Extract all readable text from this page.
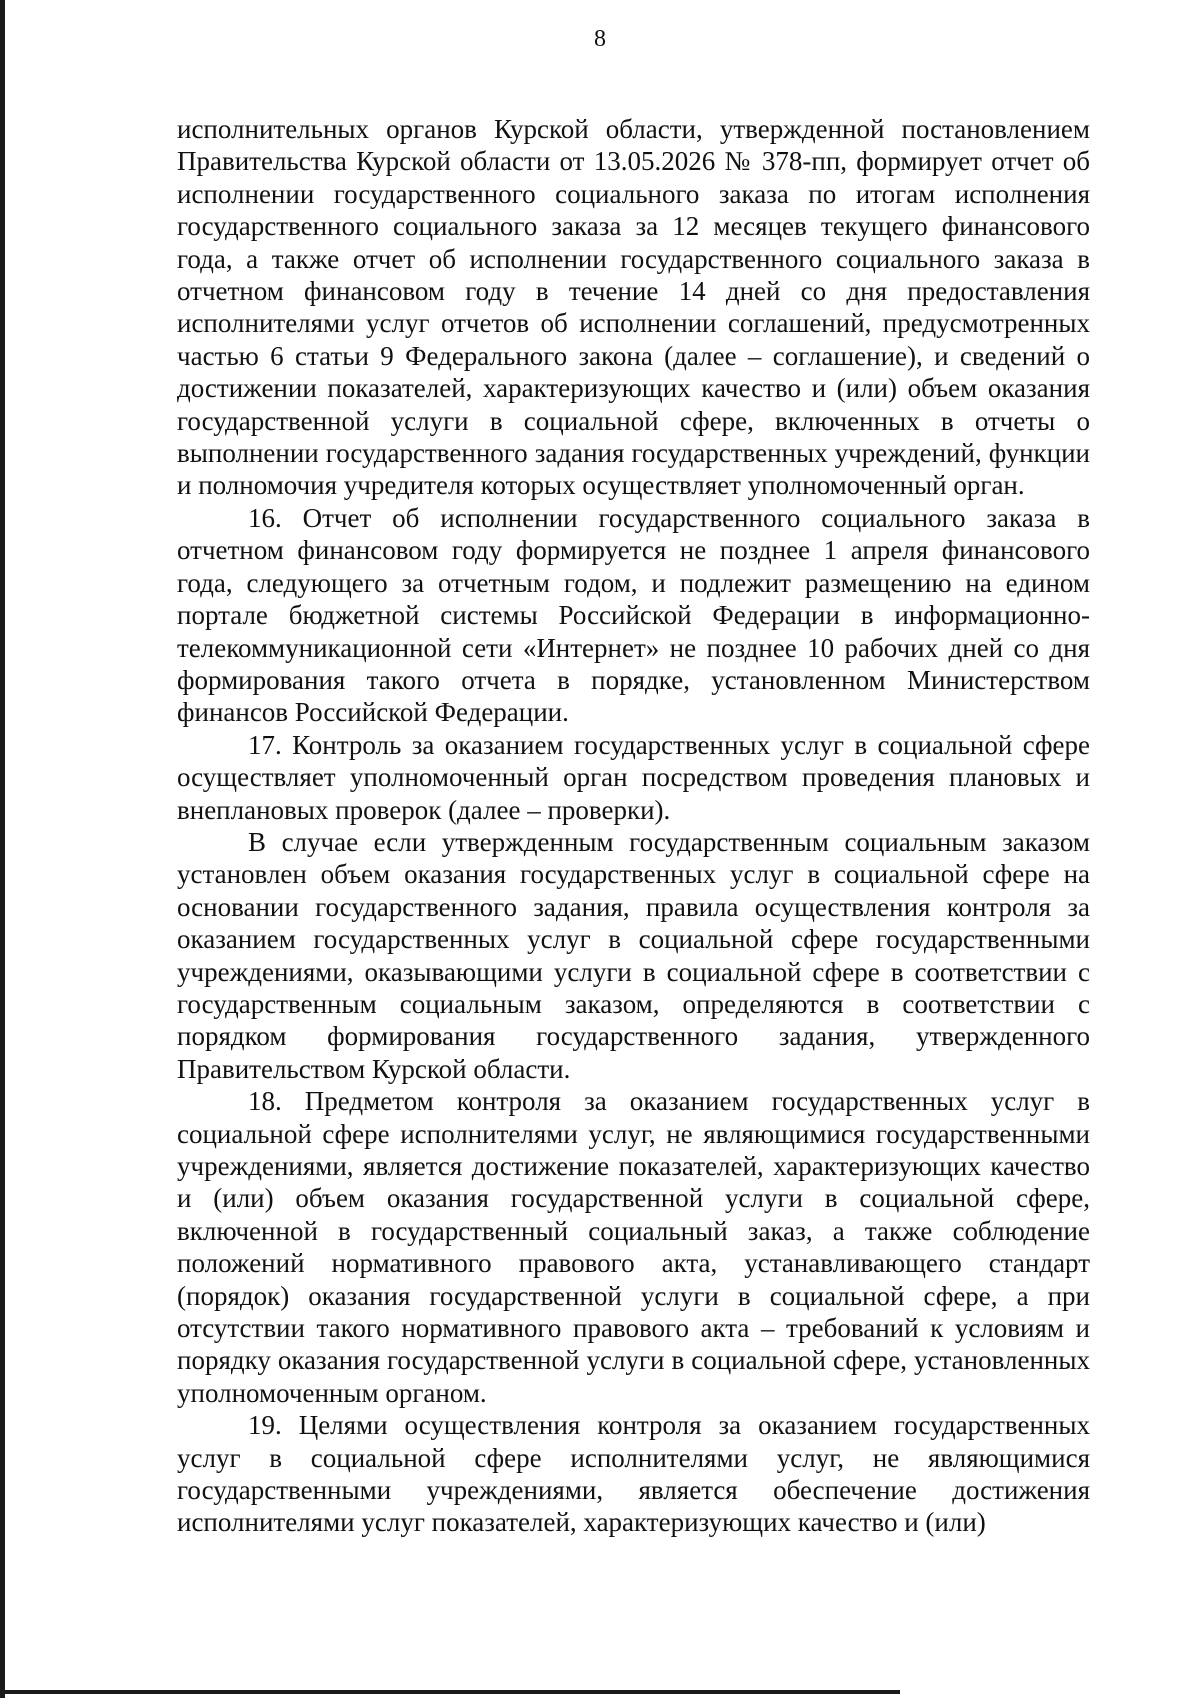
8

исполнительных органов Курской области, утвержденной постановлением Правительства Курской области от 13.05.2026 № 378-пп, формирует отчет об исполнении государственного социального заказа по итогам исполнения государственного социального заказа за 12 месяцев текущего финансового года, а также отчет об исполнении государственного социального заказа в отчетном финансовом году в течение 14 дней со дня предоставления исполнителями услуг отчетов об исполнении соглашений, предусмотренных частью 6 статьи 9 Федерального закона (далее – соглашение), и сведений о достижении показателей, характеризующих качество и (или) объем оказания государственной услуги в социальной сфере, включенных в отчеты о выполнении государственного задания государственных учреждений, функции и полномочия учредителя которых осуществляет уполномоченный орган.

16. Отчет об исполнении государственного социального заказа в отчетном финансовом году формируется не позднее 1 апреля финансового года, следующего за отчетным годом, и подлежит размещению на едином портале бюджетной системы Российской Федерации в информационно-телекоммуникационной сети «Интернет» не позднее 10 рабочих дней со дня формирования такого отчета в порядке, установленном Министерством финансов Российской Федерации.

17. Контроль за оказанием государственных услуг в социальной сфере осуществляет уполномоченный орган посредством проведения плановых и внеплановых проверок (далее – проверки).

В случае если утвержденным государственным социальным заказом установлен объем оказания государственных услуг в социальной сфере на основании государственного задания, правила осуществления контроля за оказанием государственных услуг в социальной сфере государственными учреждениями, оказывающими услуги в социальной сфере в соответствии с государственным социальным заказом, определяются в соответствии с порядком формирования государственного задания, утвержденного Правительством Курской области.

18. Предметом контроля за оказанием государственных услуг в социальной сфере исполнителями услуг, не являющимися государственными учреждениями, является достижение показателей, характеризующих качество и (или) объем оказания государственной услуги в социальной сфере, включенной в государственный социальный заказ, а также соблюдение положений нормативного правового акта, устанавливающего стандарт (порядок) оказания государственной услуги в социальной сфере, а при отсутствии такого нормативного правового акта – требований к условиям и порядку оказания государственной услуги в социальной сфере, установленных уполномоченным органом.

19. Целями осуществления контроля за оказанием государственных услуг в социальной сфере исполнителями услуг, не являющимися государственными учреждениями, является обеспечение достижения исполнителями услуг показателей, характеризующих качество и (или)
